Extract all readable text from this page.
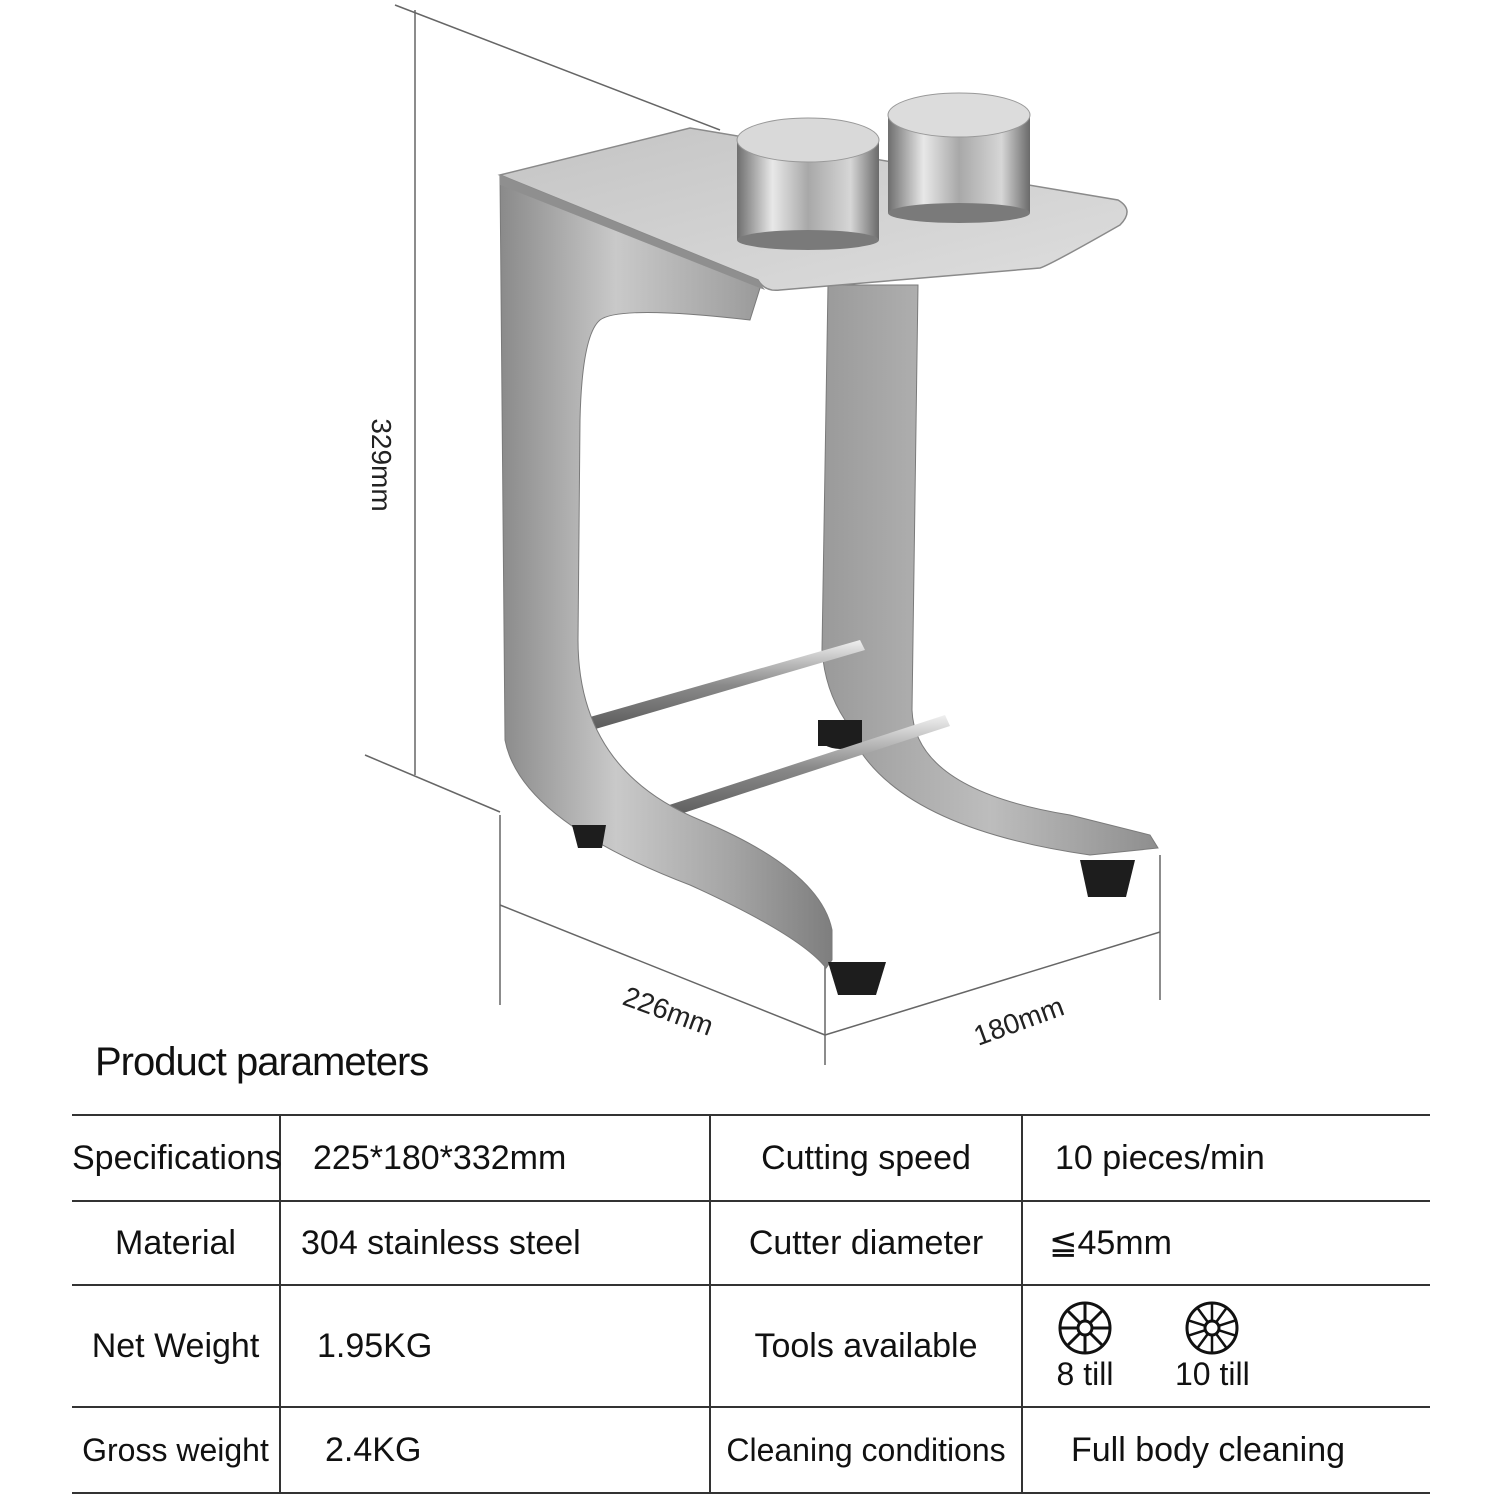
329mm
226mm	180mm
Product parameters
Specifications	225*180*332mm	Cutting speed	10 pieces/min
Material	304 stainless steel	Cutter diameter	≦45mm
Net Weight	1.95KG	Tools available	8 till 10 till

Gross weight	2.4KG	Cleaning conditions	Full body cleaning
